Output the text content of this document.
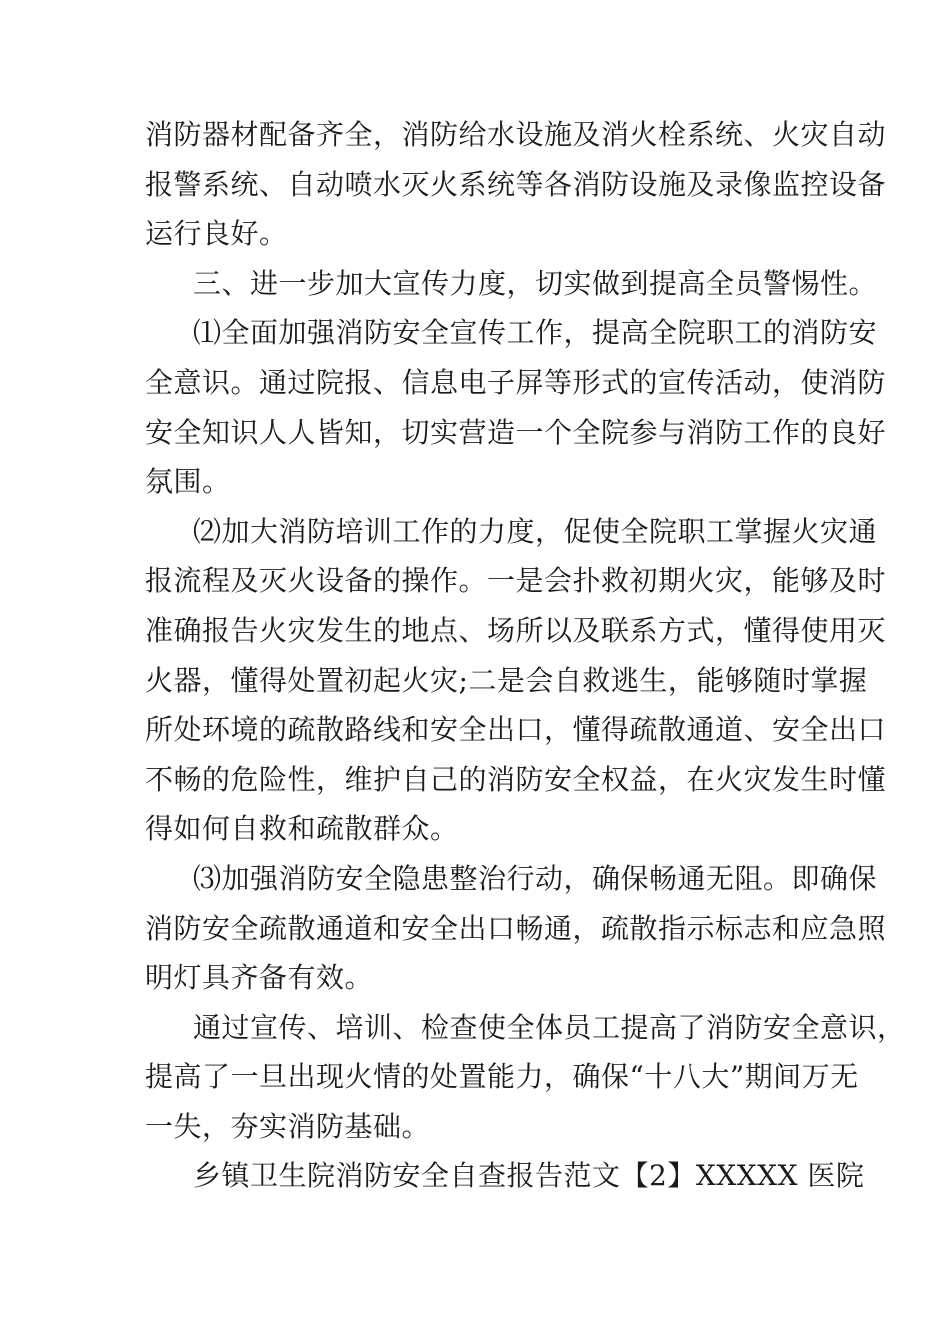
消防器材配备齐全，消防给水设施及消火栓系统、火灾自动
报警系统、自动喷水灭火系统等各消防设施及录像监控设备
运行良好。
三、进一步加大宣传力度，切实做到提高全员警惕性。
⑴全面加强消防安全宣传工作，提高全院职工的消防安
全意识。通过院报、信息电子屏等形式的宣传活动，使消防
安全知识人人皆知，切实营造一个全院参与消防工作的良好
氛围。
⑵加大消防培训工作的力度，促使全院职工掌握火灾通
报流程及灭火设备的操作。一是会扑救初期火灾，能够及时
准确报告火灾发生的地点、场所以及联系方式，懂得使用灭
火器，懂得处置初起火灾;二是会自救逃生，能够随时掌握
所处环境的疏散路线和安全出口，懂得疏散通道、安全出口
不畅的危险性，维护自己的消防安全权益，在火灾发生时懂
得如何自救和疏散群众。
⑶加强消防安全隐患整治行动，确保畅通无阻。即确保
消防安全疏散通道和安全出口畅通，疏散指示标志和应急照
明灯具齐备有效。
通过宣传、培训、检查使全体员工提高了消防安全意识，
提高了一旦出现火情的处置能力，确保“十八大”期间万无
一失，夯实消防基础。
乡镇卫生院消防安全自查报告范文【2】 XXXXX 医院
